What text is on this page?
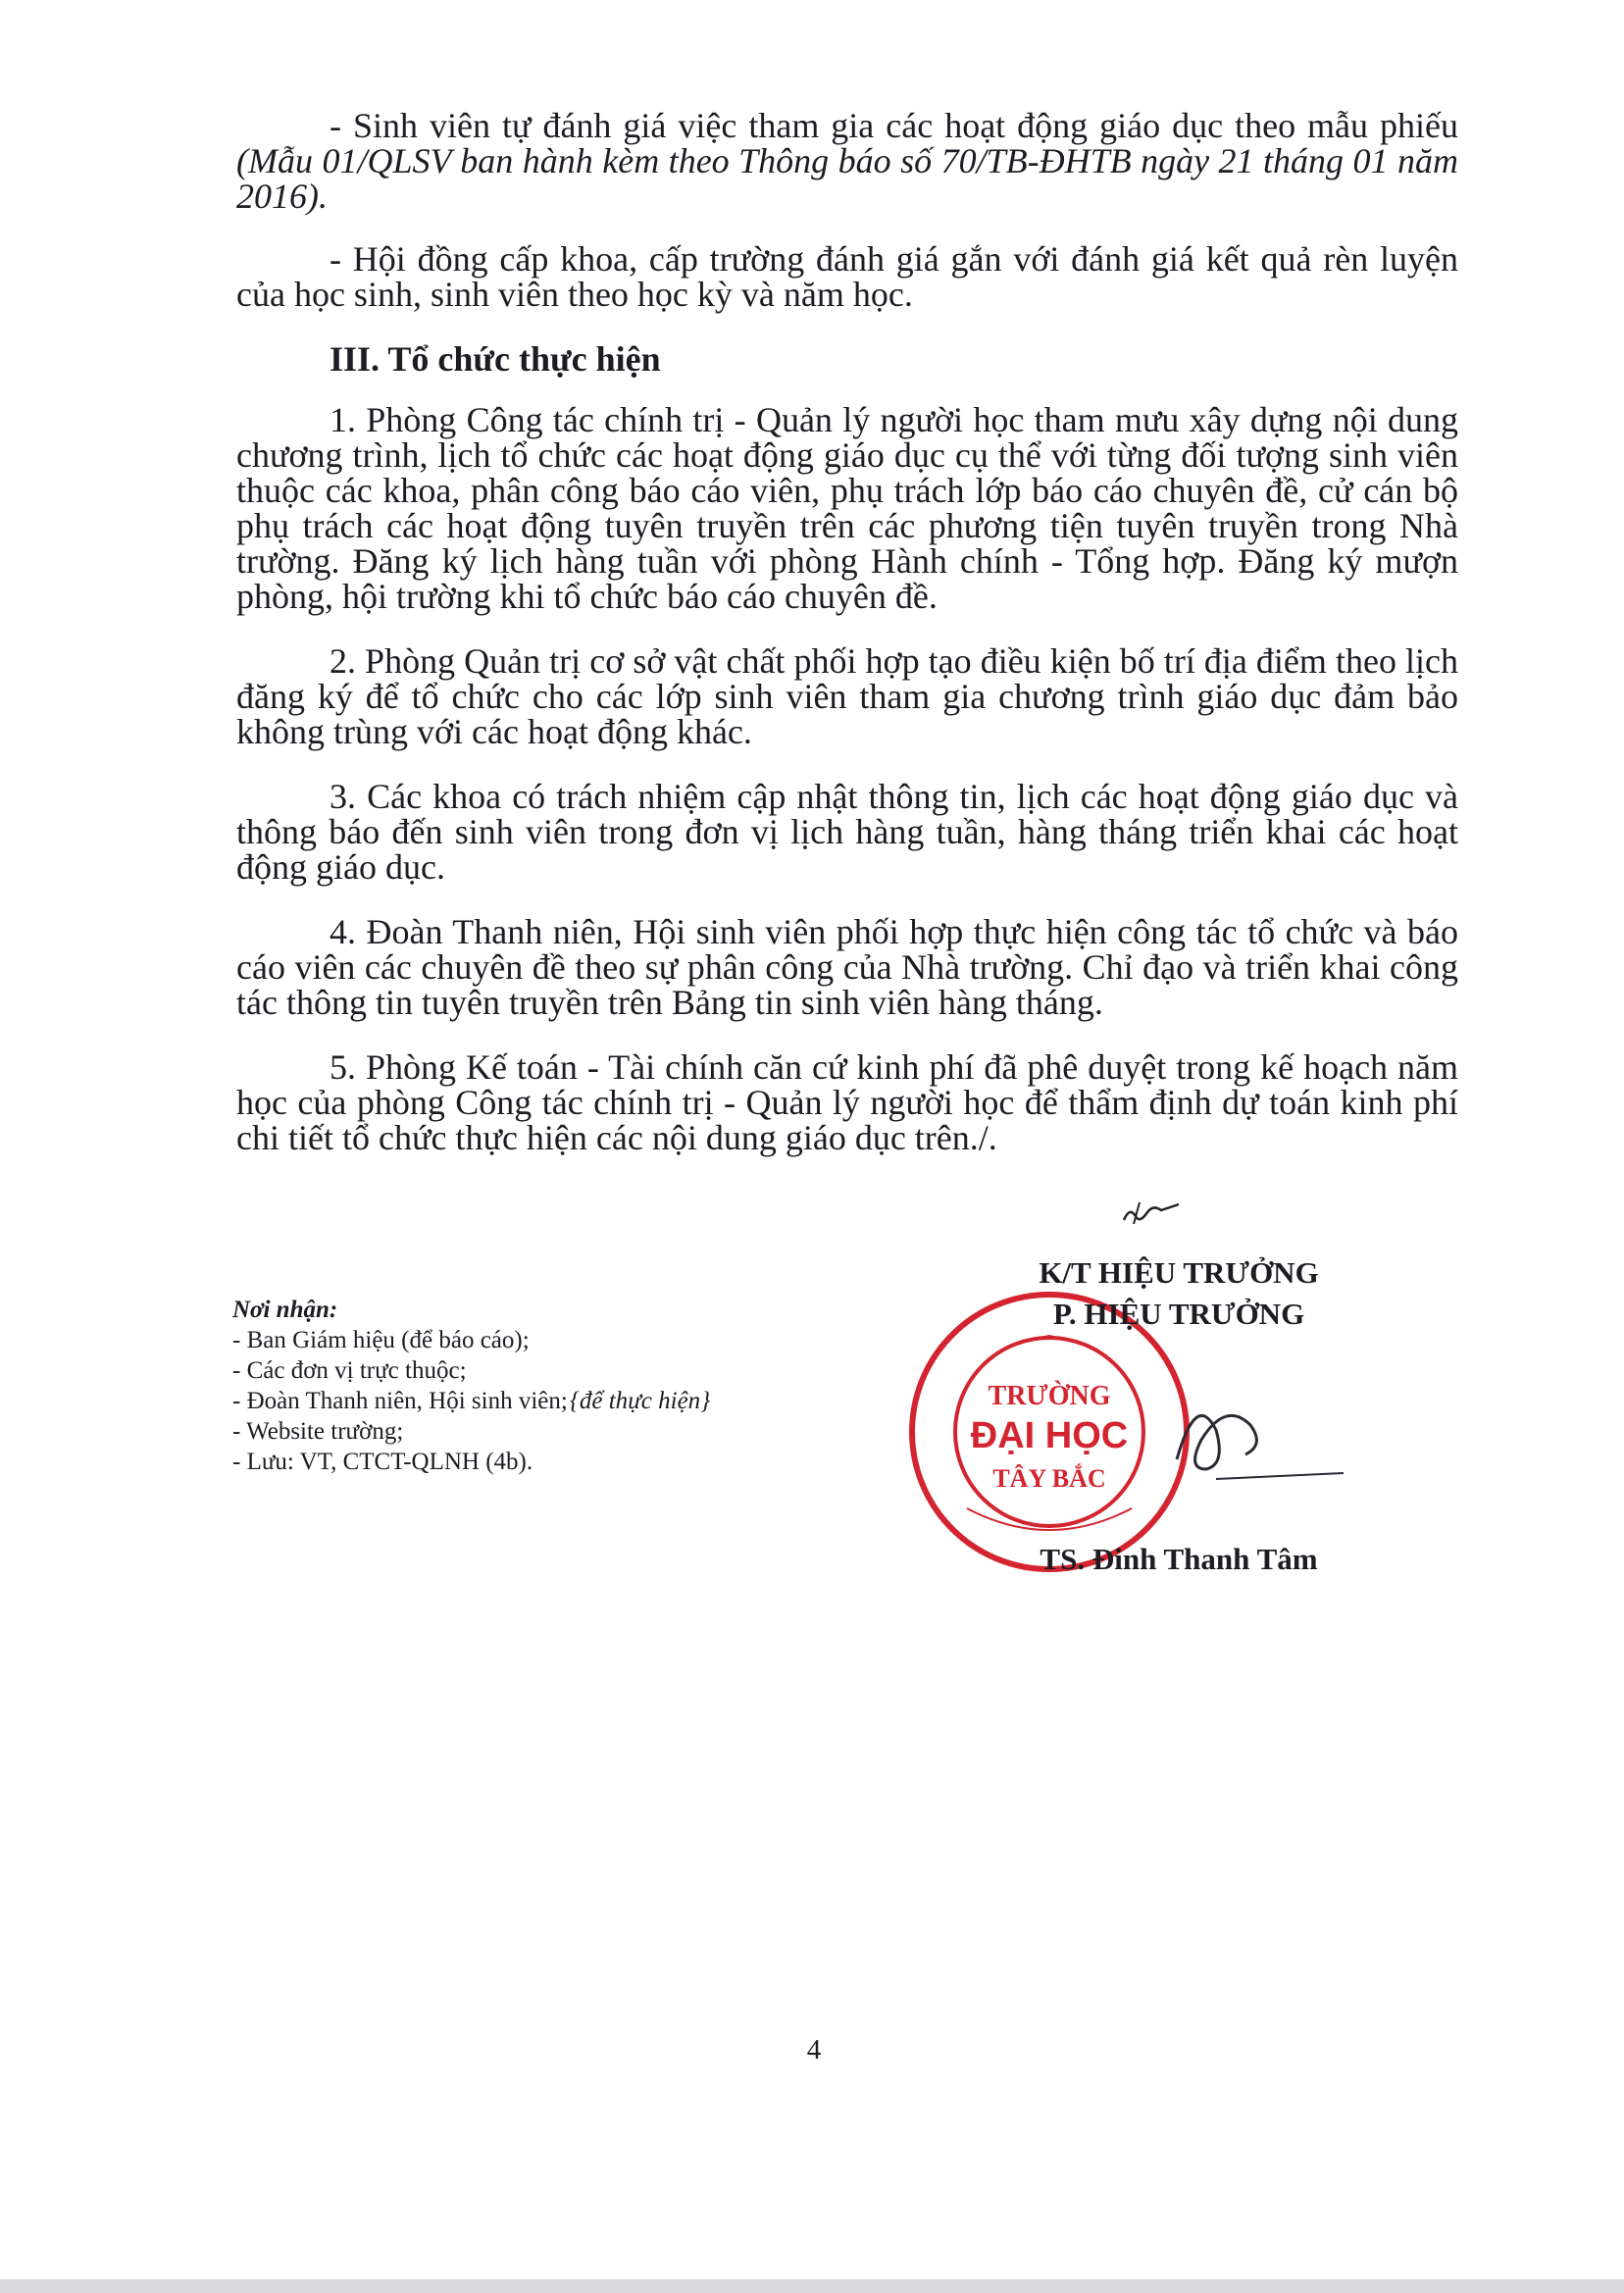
- Sinh viên tự đánh giá việc tham gia các hoạt động giáo dục theo mẫu phiếu (Mẫu 01/QLSV ban hành kèm theo Thông báo số 70/TB-ĐHTB ngày 21 tháng 01 năm 2016).

- Hội đồng cấp khoa, cấp trường đánh giá gắn với đánh giá kết quả rèn luyện của học sinh, sinh viên theo học kỳ và năm học.

III. Tổ chức thực hiện

1. Phòng Công tác chính trị - Quản lý người học tham mưu xây dựng nội dung chương trình, lịch tổ chức các hoạt động giáo dục cụ thể với từng đối tượng sinh viên thuộc các khoa, phân công báo cáo viên, phụ trách lớp báo cáo chuyên đề, cử cán bộ phụ trách các hoạt động tuyên truyền trên các phương tiện tuyên truyền trong Nhà trường. Đăng ký lịch hàng tuần với phòng Hành chính - Tổng hợp. Đăng ký mượn phòng, hội trường khi tổ chức báo cáo chuyên đề.

2. Phòng Quản trị cơ sở vật chất phối hợp tạo điều kiện bố trí địa điểm theo lịch đăng ký để tổ chức cho các lớp sinh viên tham gia chương trình giáo dục đảm bảo không trùng với các hoạt động khác.

3. Các khoa có trách nhiệm cập nhật thông tin, lịch các hoạt động giáo dục và thông báo đến sinh viên trong đơn vị lịch hàng tuần, hàng tháng triển khai các hoạt động giáo dục.

4. Đoàn Thanh niên, Hội sinh viên phối hợp thực hiện công tác tổ chức và báo cáo viên các chuyên đề theo sự phân công của Nhà trường. Chỉ đạo và triển khai công tác thông tin tuyên truyền trên Bảng tin sinh viên hàng tháng.

5. Phòng Kế toán - Tài chính căn cứ kinh phí đã phê duyệt trong kế hoạch năm học của phòng Công tác chính trị - Quản lý người học để thẩm định dự toán kinh phí chi tiết tổ chức thực hiện các nội dung giáo dục trên./.

Nơi nhận:
- Ban Giám hiệu (để báo cáo);
- Các đơn vị trực thuộc;
- Đoàn Thanh niên, Hội sinh viên;{để thực hiện}
- Website trường;
- Lưu: VT, CTCT-QLNH (4b).
TRƯỜNG
ĐẠI HỌC
TÂY BẮC
K/T HIỆU TRƯỞNG
P. HIỆU TRƯỞNG
TS. Đinh Thanh Tâm
4
